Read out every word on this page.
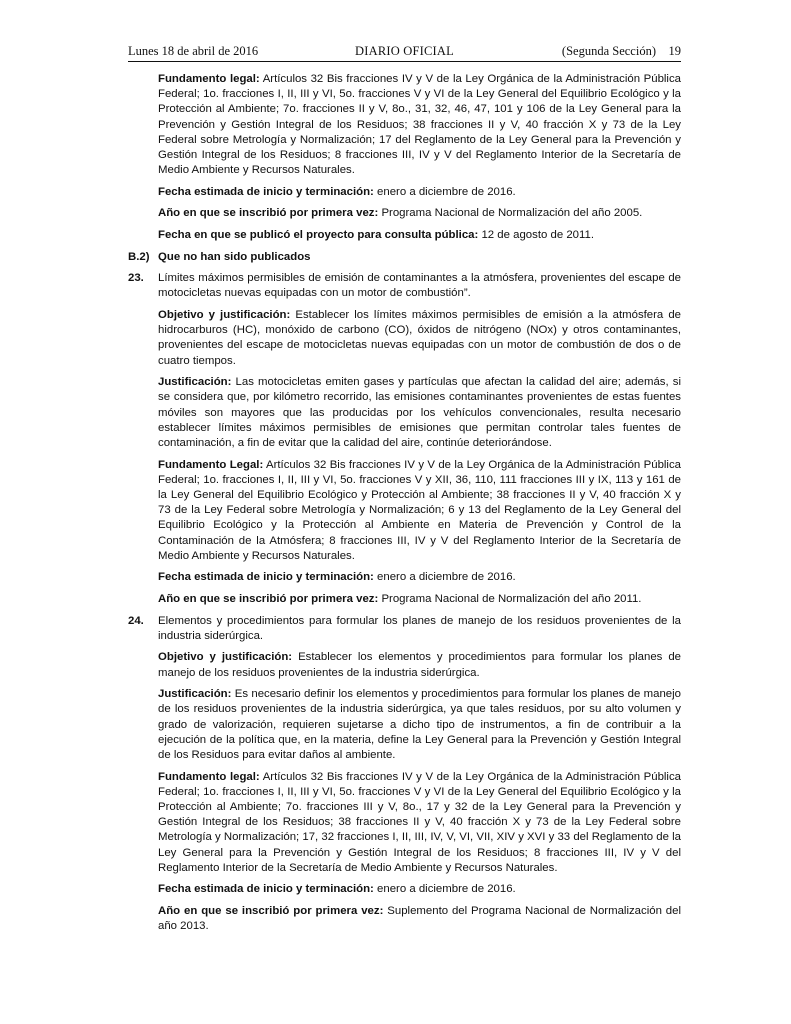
Lunes 18 de abril de 2016	DIARIO OFICIAL	(Segunda Sección) 19

Fundamento legal: Artículos 32 Bis fracciones IV y V de la Ley Orgánica de la Administración Pública Federal; 1o. fracciones I, II, III y VI, 5o. fracciones V y VI de la Ley General del Equilibrio Ecológico y la Protección al Ambiente; 7o. fracciones II y V, 8o., 31, 32, 46, 47, 101 y 106 de la Ley General para la Prevención y Gestión Integral de los Residuos; 38 fracciones II y V, 40 fracción X y 73 de la Ley Federal sobre Metrología y Normalización; 17 del Reglamento de la Ley General para la Prevención y Gestión Integral de los Residuos; 8 fracciones III, IV y V del Reglamento Interior de la Secretaría de Medio Ambiente y Recursos Naturales.

Fecha estimada de inicio y terminación: enero a diciembre de 2016.

Año en que se inscribió por primera vez: Programa Nacional de Normalización del año 2005.

Fecha en que se publicó el proyecto para consulta pública: 12 de agosto de 2011.

B.2) Que no han sido publicados
23. Límites máximos permisibles de emisión de contaminantes a la atmósfera, provenientes del escape de motocicletas nuevas equipadas con un motor de combustión”.

Objetivo y justificación: Establecer los límites máximos permisibles de emisión a la atmósfera de hidrocarburos (HC), monóxido de carbono (CO), óxidos de nitrógeno (NOx) y otros contaminantes, provenientes del escape de motocicletas nuevas equipadas con un motor de combustión de dos o de cuatro tiempos.

Justificación: Las motocicletas emiten gases y partículas que afectan la calidad del aire; además, si se considera que, por kilómetro recorrido, las emisiones contaminantes provenientes de estas fuentes móviles son mayores que las producidas por los vehículos convencionales, resulta necesario establecer límites máximos permisibles de emisiones que permitan controlar tales fuentes de contaminación, a fin de evitar que la calidad del aire, continúe deteriorándose.

Fundamento Legal: Artículos 32 Bis fracciones IV y V de la Ley Orgánica de la Administración Pública Federal; 1o. fracciones I, II, III y VI, 5o. fracciones V y XII, 36, 110, 111 fracciones III y IX, 113 y 161 de la Ley General del Equilibrio Ecológico y Protección al Ambiente; 38 fracciones II y V, 40 fracción X y 73 de la Ley Federal sobre Metrología y Normalización; 6 y 13 del Reglamento de la Ley General del Equilibrio Ecológico y la Protección al Ambiente en Materia de Prevención y Control de la Contaminación de la Atmósfera; 8 fracciones III, IV y V del Reglamento Interior de la Secretaría de Medio Ambiente y Recursos Naturales.

Fecha estimada de inicio y terminación: enero a diciembre de 2016.

Año en que se inscribió por primera vez: Programa Nacional de Normalización del año 2011.

24. Elementos y procedimientos para formular los planes de manejo de los residuos provenientes de la industria siderúrgica.

Objetivo y justificación: Establecer los elementos y procedimientos para formular los planes de manejo de los residuos provenientes de la industria siderúrgica.

Justificación: Es necesario definir los elementos y procedimientos para formular los planes de manejo de los residuos provenientes de la industria siderúrgica, ya que tales residuos, por su alto volumen y grado de valorización, requieren sujetarse a dicho tipo de instrumentos, a fin de contribuir a la ejecución de la política que, en la materia, define la Ley General para la Prevención y Gestión Integral de los Residuos para evitar daños al ambiente.

Fundamento legal: Artículos 32 Bis fracciones IV y V de la Ley Orgánica de la Administración Pública Federal; 1o. fracciones I, II, III y VI, 5o. fracciones V y VI de la Ley General del Equilibrio Ecológico y la Protección al Ambiente; 7o. fracciones III y V, 8o., 17 y 32 de la Ley General para la Prevención y Gestión Integral de los Residuos; 38 fracciones II y V, 40 fracción X y 73 de la Ley Federal sobre Metrología y Normalización; 17, 32 fracciones I, II, III, IV, V, VI, VII, XIV y XVI y 33 del Reglamento de la Ley General para la Prevención y Gestión Integral de los Residuos; 8 fracciones III, IV y V del Reglamento Interior de la Secretaría de Medio Ambiente y Recursos Naturales.

Fecha estimada de inicio y terminación: enero a diciembre de 2016.

Año en que se inscribió por primera vez: Suplemento del Programa Nacional de Normalización del año 2013.
